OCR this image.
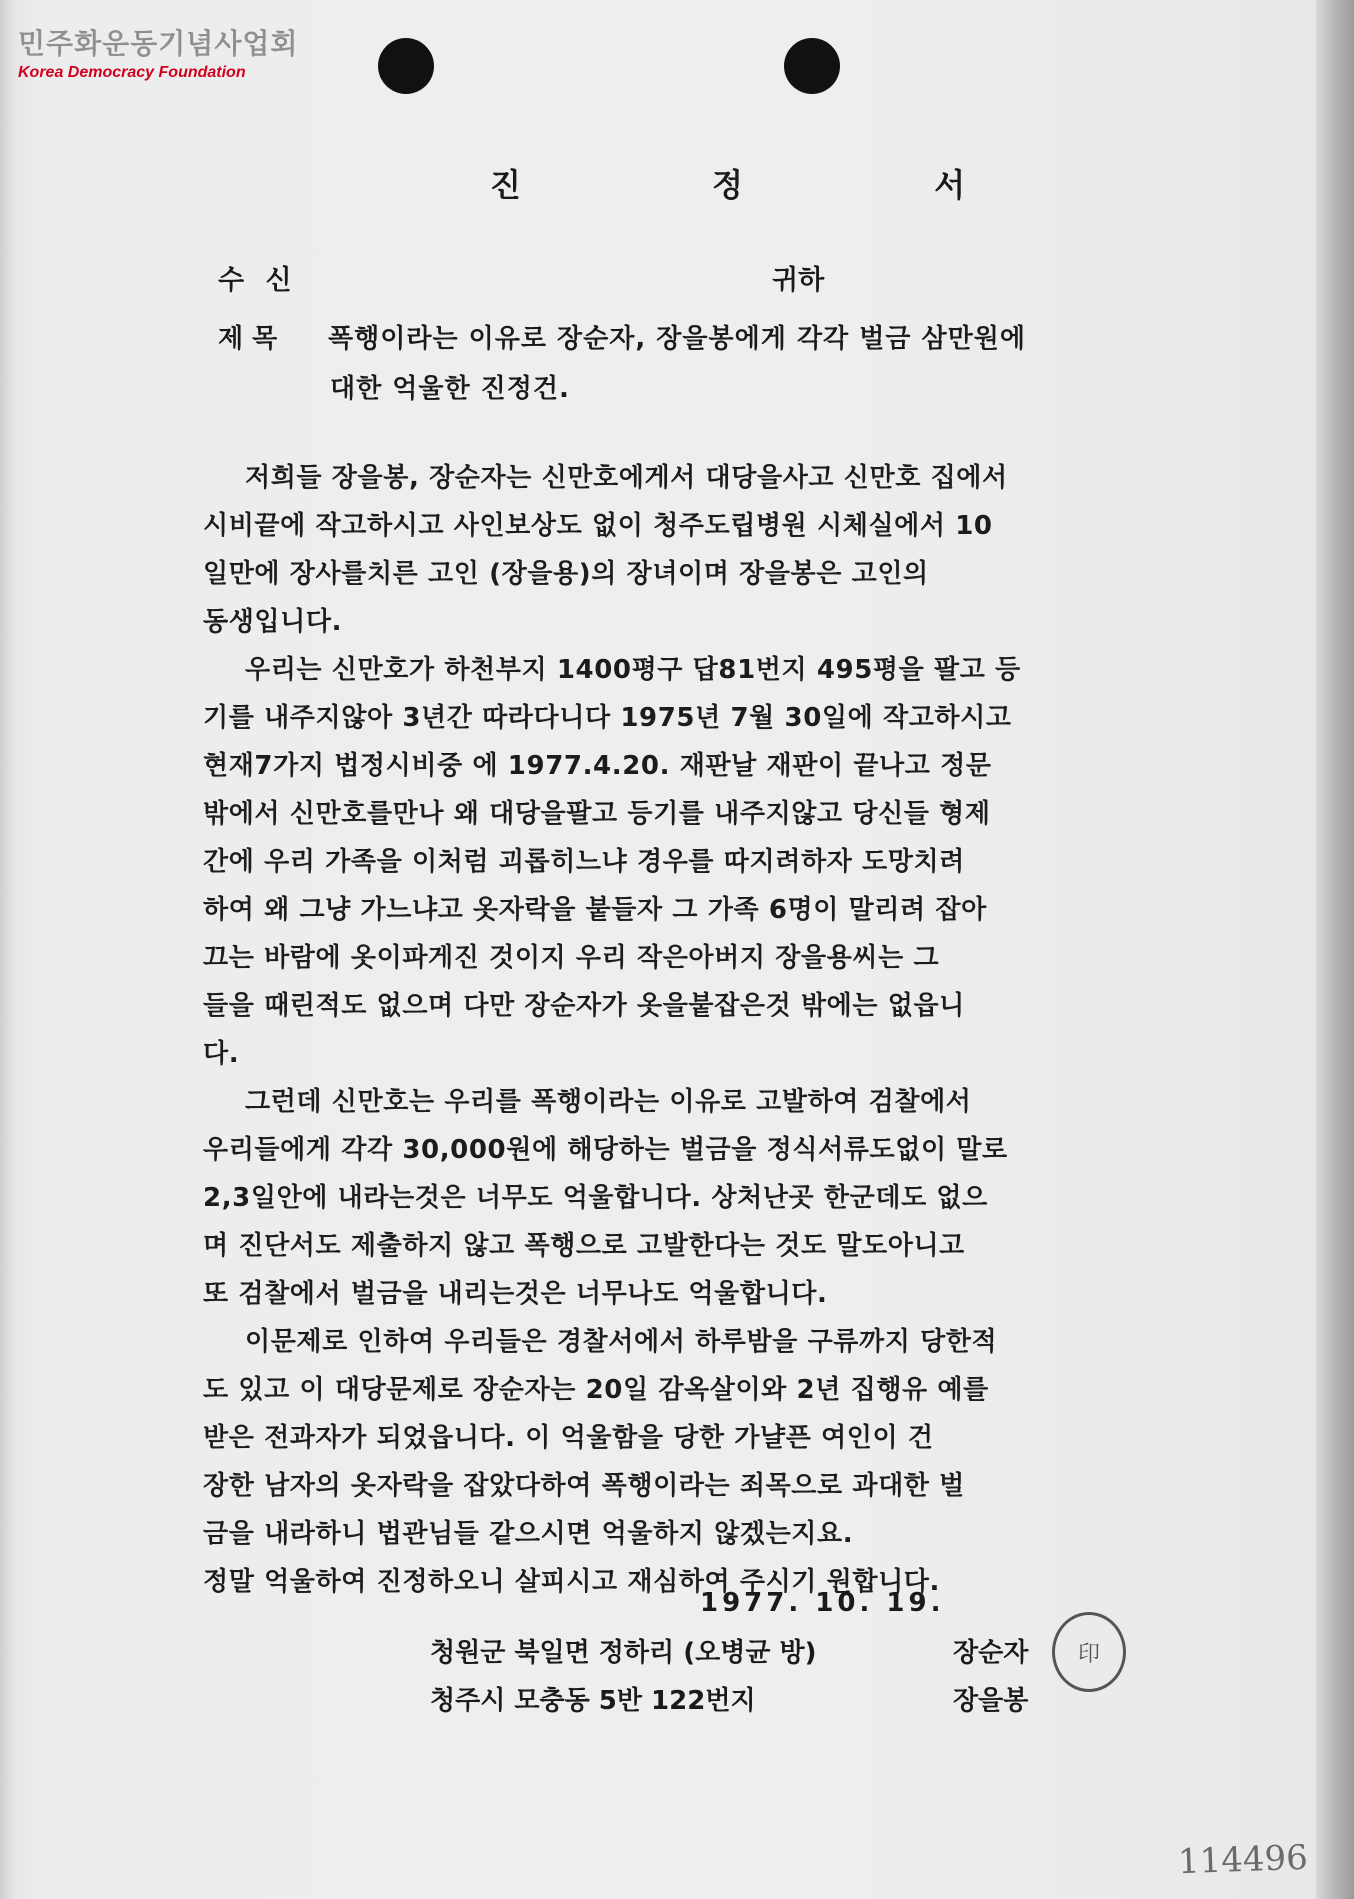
민주화운동기념사업회
Korea Democracy Foundation
진 정 서
수 신	귀하
제 목 폭행이라는 이유로 장순자, 장을봉에게 각각 벌금 삼만원에
대한 억울한 진정건.
저희들 장을봉, 장순자는 신만호에게서 대당을사고 신만호 집에서
시비끝에 작고하시고 사인보상도 없이 청주도립병원 시체실에서 10
일만에 장사를치른 고인 (장을용)의 장녀이며 장을봉은 고인의
동생입니다.
우리는 신만호가 하천부지 1400평구 답81번지 495평을 팔고 등
기를 내주지않아 3년간 따라다니다 1975년 7월 30일에 작고하시고
현재7가지 법정시비중 에 1977.4.20. 재판날 재판이 끝나고 정문
밖에서 신만호를만나 왜 대당을팔고 등기를 내주지않고 당신들 형제
간에 우리 가족을 이처럼 괴롭히느냐 경우를 따지려하자 도망치려
하여 왜 그냥 가느냐고 옷자락을 붙들자 그 가족 6명이 말리려 잡아
끄는 바람에 옷이파게진 것이지 우리 작은아버지 장을용씨는 그
들을 때린적도 없으며 다만 장순자가 옷을붙잡은것 밖에는 없읍니
다.
그런데 신만호는 우리를 폭행이라는 이유로 고발하여 검찰에서
우리들에게 각각 30,000원에 해당하는 벌금을 정식서류도없이 말로
2,3일안에 내라는것은 너무도 억울합니다. 상처난곳 한군데도 없으
며 진단서도 제출하지 않고 폭행으로 고발한다는 것도 말도아니고
또 검찰에서 벌금을 내리는것은 너무나도 억울합니다.
이문제로 인하여 우리들은 경찰서에서 하루밤을 구류까지 당한적
도 있고 이 대당문제로 장순자는 20일 감옥살이와 2년 집행유 예를
받은 전과자가 되었읍니다. 이 억울함을 당한 가냘픈 여인이 건
장한 남자의 옷자락을 잡았다하여 폭행이라는 죄목으로 과대한 벌
금을 내라하니 법관님들 같으시면 억울하지 않겠는지요.
정말 억울하여 진정하오니 살피시고 재심하여 주시기 원합니다.
1977. 10. 19.
청원군 북일면 정하리 (오병균 방)	장순자
청주시 모충동 5반 122번지	장을봉
印
114496
